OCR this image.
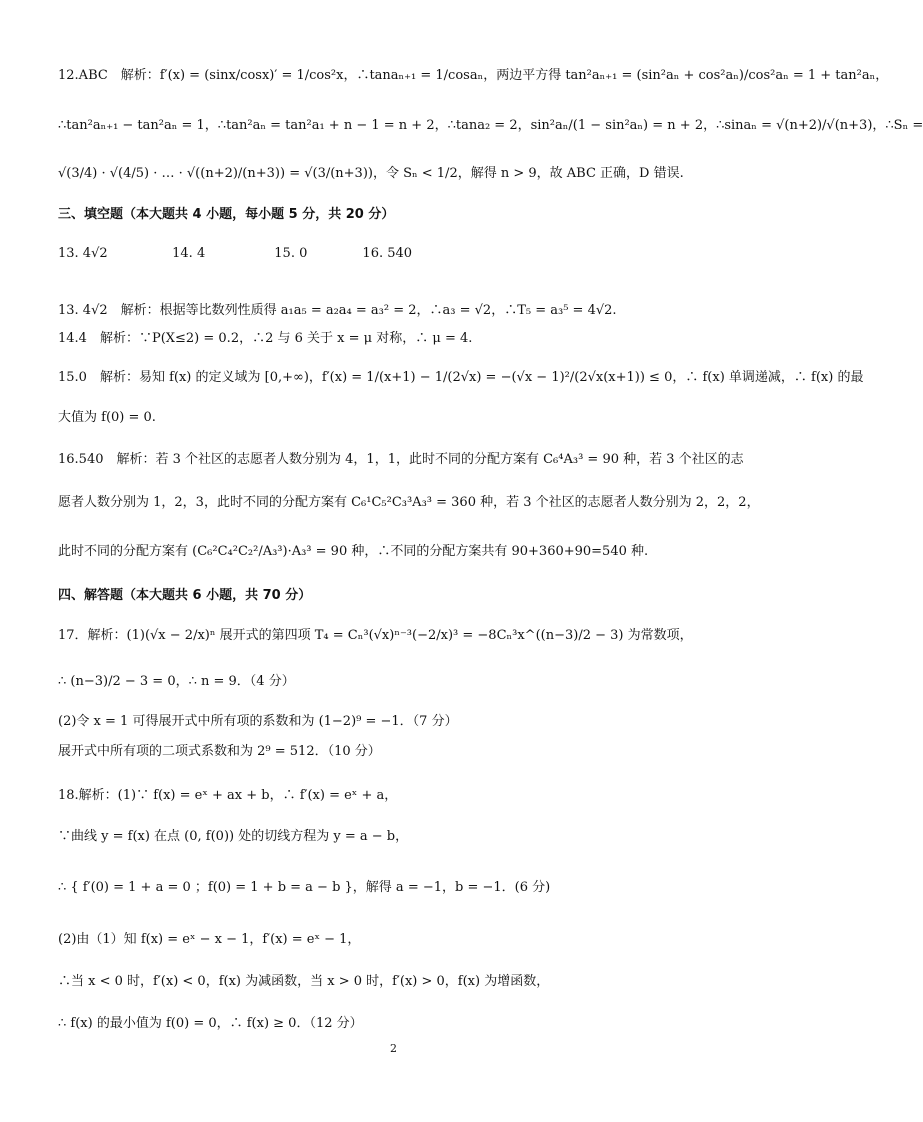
12.ABC　解析：f′(x) = (sinx/cosx)′ = 1/cos²x，∴tanaₙ₊₁ = 1/cosaₙ，两边平方得 tan²aₙ₊₁ = (sin²aₙ + cos²aₙ)/cos²aₙ = 1 + tan²aₙ，
∴tan²aₙ₊₁ − tan²aₙ = 1，∴tan²aₙ = tan²a₁ + n − 1 = n + 2，∴tana₂ = 2，sin²aₙ/(1 − sin²aₙ) = n + 2，∴sinaₙ = √(n+2)/√(n+3)，∴Sₙ =
√(3/4) · √(4/5) · … · √((n+2)/(n+3)) = √(3/(n+3))，令 Sₙ < 1/2，解得 n > 9，故 ABC 正确，D 错误.
三、填空题（本大题共 4 小题，每小题 5 分，共 20 分）
13. 4√2	14. 4	15. 0	16. 540
13. 4√2　解析：根据等比数列性质得 a₁a₅ = a₂a₄ = a₃² = 2，∴a₃ = √2，∴T₅ = a₃⁵ = 4√2.
14.4　解析：∵P(X≤2) = 0.2，∴2 与 6 关于 x = μ 对称，∴ μ = 4.
15.0　解析：易知 f(x) 的定义域为 [0,+∞)，f′(x) = 1/(x+1) − 1/(2√x) = −(√x − 1)²/(2√x(x+1)) ≤ 0，∴ f(x) 单调递减，∴ f(x) 的最
大值为 f(0) = 0.
16.540　解析：若 3 个社区的志愿者人数分别为 4，1，1，此时不同的分配方案有 C₆⁴A₃³ = 90 种，若 3 个社区的志
愿者人数分别为 1，2，3，此时不同的分配方案有 C₆¹C₅²C₃³A₃³ = 360 种，若 3 个社区的志愿者人数分别为 2，2，2，
此时不同的分配方案有 (C₆²C₄²C₂²/A₃³)·A₃³ = 90 种，∴不同的分配方案共有 90+360+90=540 种.
四、解答题（本大题共 6 小题，共 70 分）
17．解析：(1)(√x − 2/x)ⁿ 展开式的第四项 T₄ = Cₙ³(√x)ⁿ⁻³(−2/x)³ = −8Cₙ³x^((n−3)/2 − 3) 为常数项，
∴ (n−3)/2 − 3 = 0，∴ n = 9．（4 分）
(2)令 x = 1 可得展开式中所有项的系数和为 (1−2)⁹ = −1．（7 分）
展开式中所有项的二项式系数和为 2⁹ = 512．（10 分）
18.解析：(1)∵ f(x) = eˣ + ax + b，∴ f′(x) = eˣ + a，
∵曲线 y = f(x) 在点 (0, f(0)) 处的切线方程为 y = a − b，
∴ { f′(0) = 1 + a = 0 ；f(0) = 1 + b = a − b }，解得 a = −1，b = −1．(6 分)
(2)由（1）知 f(x) = eˣ − x − 1，f′(x) = eˣ − 1，
∴当 x < 0 时，f′(x) < 0，f(x) 为减函数，当 x > 0 时，f′(x) > 0，f(x) 为增函数，
∴ f(x) 的最小值为 f(0) = 0，∴ f(x) ≥ 0．（12 分）
2
